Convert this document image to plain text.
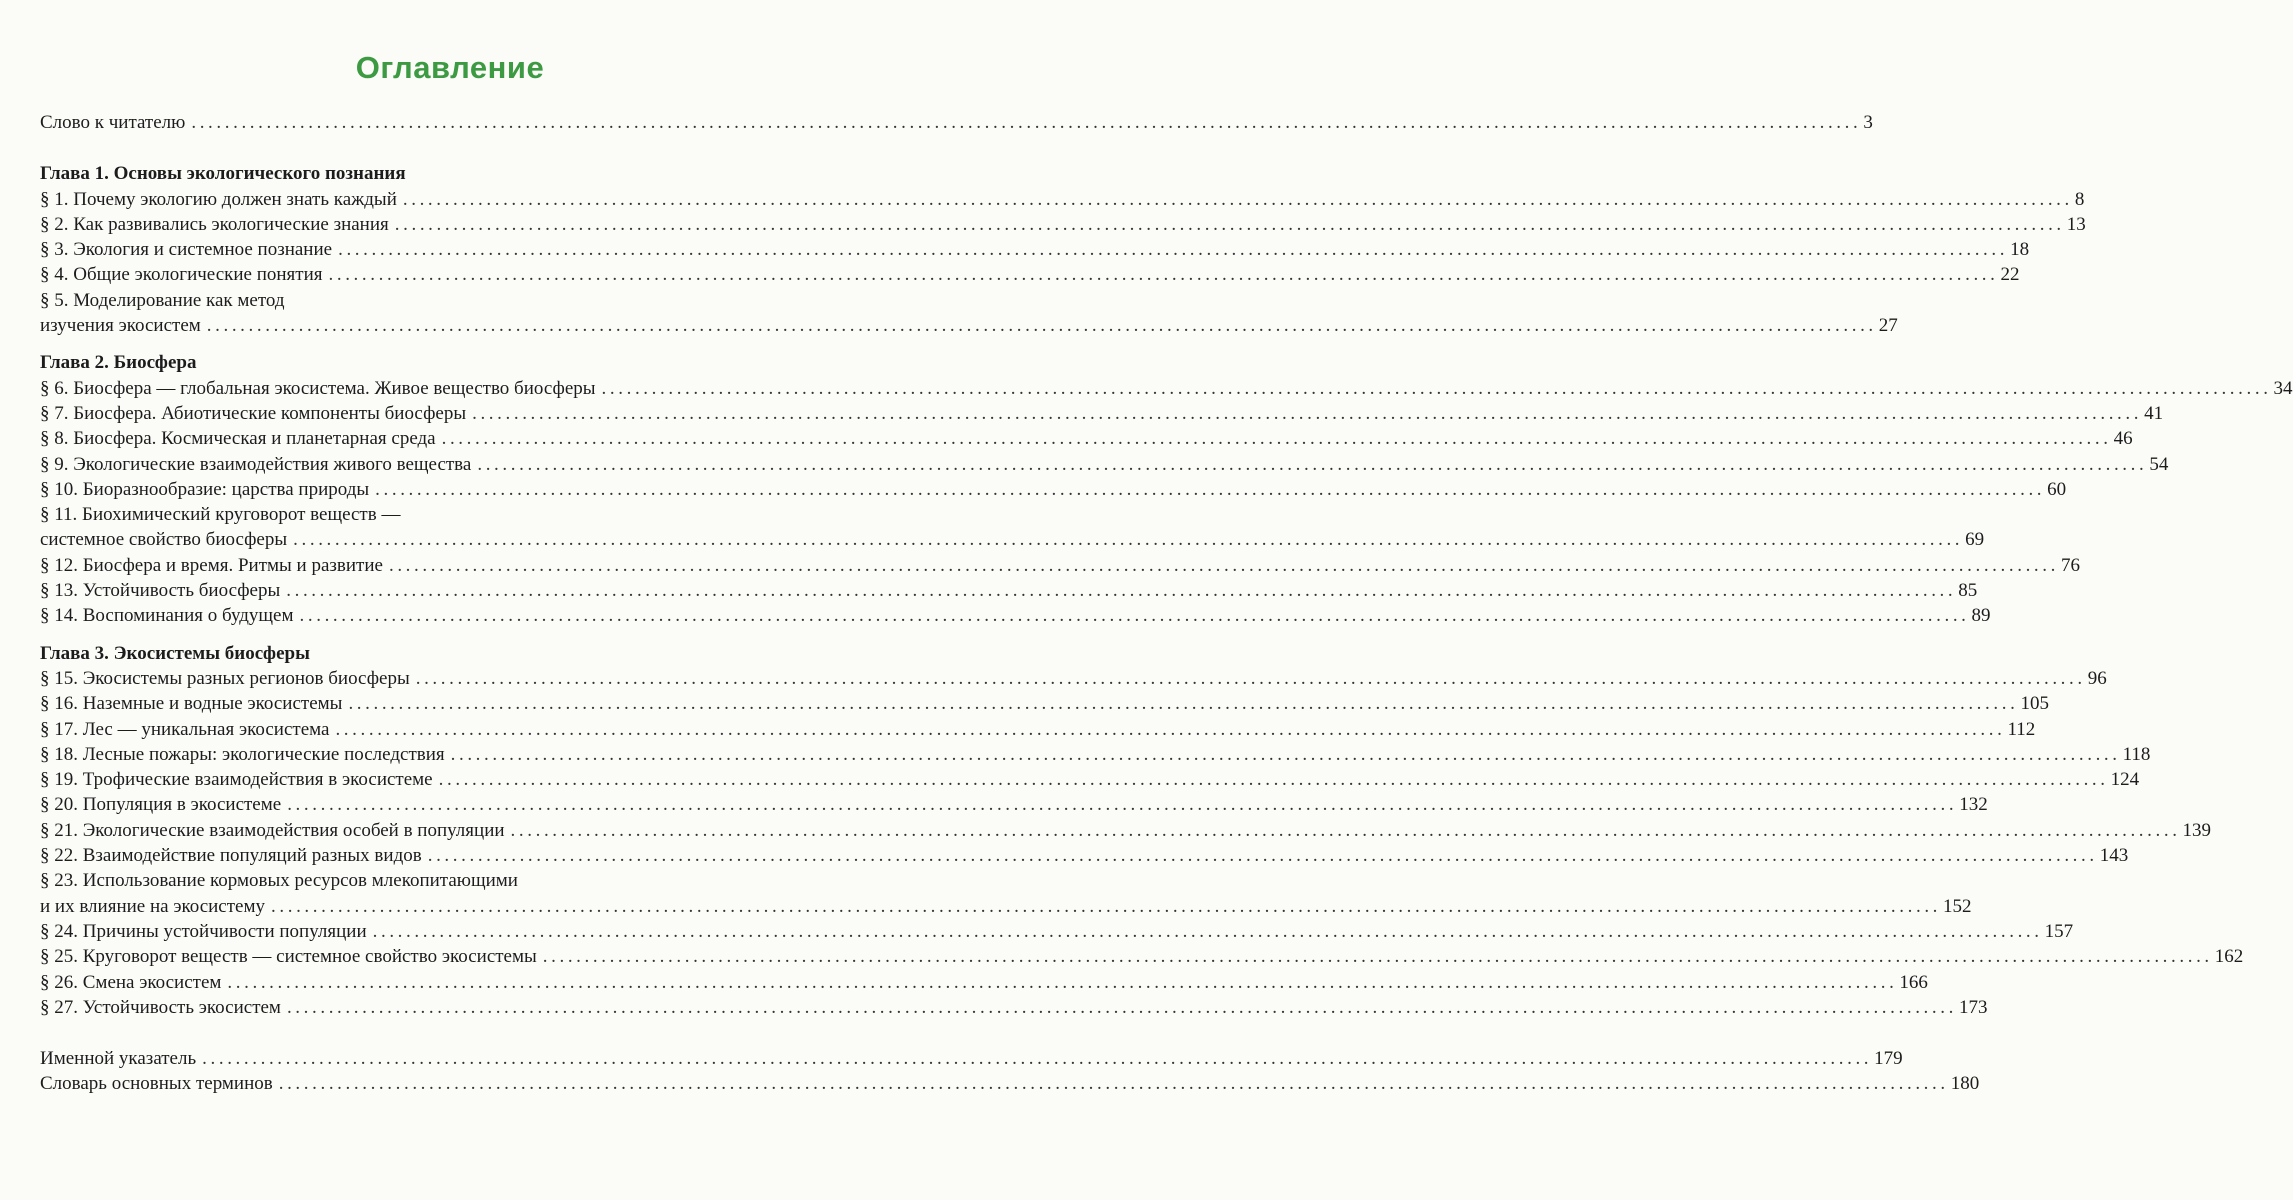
Оглавление
Слово к читателю ........................................................................................................................................................................................................ 3
Глава 1. Основы экологического познания
§ 1. Почему экологию должен знать каждый ........................................................................................................................................................................................................ 8
§ 2. Как развивались экологические знания ........................................................................................................................................................................................................ 13
§ 3. Экология и системное познание ........................................................................................................................................................................................................ 18
§ 4. Общие экологические понятия ........................................................................................................................................................................................................ 22
§ 5. Моделирование как метод
изучения экосистем ........................................................................................................................................................................................................ 27
Глава 2. Биосфера
§ 6. Биосфера — глобальная экосистема. Живое вещество биосферы ........................................................................................................................................................................................................ 34
§ 7. Биосфера. Абиотические компоненты биосферы ........................................................................................................................................................................................................ 41
§ 8. Биосфера. Космическая и планетарная среда ........................................................................................................................................................................................................ 46
§ 9. Экологические взаимодействия живого вещества ........................................................................................................................................................................................................ 54
§ 10. Биоразнообразие: царства природы ........................................................................................................................................................................................................ 60
§ 11. Биохимический круговорот веществ —
системное свойство биосферы ........................................................................................................................................................................................................ 69
§ 12. Биосфера и время. Ритмы и развитие ........................................................................................................................................................................................................ 76
§ 13. Устойчивость биосферы ........................................................................................................................................................................................................ 85
§ 14. Воспоминания о будущем ........................................................................................................................................................................................................ 89
Глава 3. Экосистемы биосферы
§ 15. Экосистемы разных регионов биосферы ........................................................................................................................................................................................................ 96
§ 16. Наземные и водные экосистемы ........................................................................................................................................................................................................ 105
§ 17. Лес — уникальная экосистема ........................................................................................................................................................................................................ 112
§ 18. Лесные пожары: экологические последствия ........................................................................................................................................................................................................ 118
§ 19. Трофические взаимодействия в экосистеме ........................................................................................................................................................................................................ 124
§ 20. Популяция в экосистеме ........................................................................................................................................................................................................ 132
§ 21. Экологические взаимодействия особей в популяции ........................................................................................................................................................................................................ 139
§ 22. Взаимодействие популяций разных видов ........................................................................................................................................................................................................ 143
§ 23. Использование кормовых ресурсов млекопитающими
и их влияние на экосистему ........................................................................................................................................................................................................ 152
§ 24. Причины устойчивости популяции ........................................................................................................................................................................................................ 157
§ 25. Круговорот веществ — системное свойство экосистемы ........................................................................................................................................................................................................ 162
§ 26. Смена экосистем ........................................................................................................................................................................................................ 166
§ 27. Устойчивость экосистем ........................................................................................................................................................................................................ 173
Именной указатель ........................................................................................................................................................................................................ 179
Словарь основных терминов ........................................................................................................................................................................................................ 180
